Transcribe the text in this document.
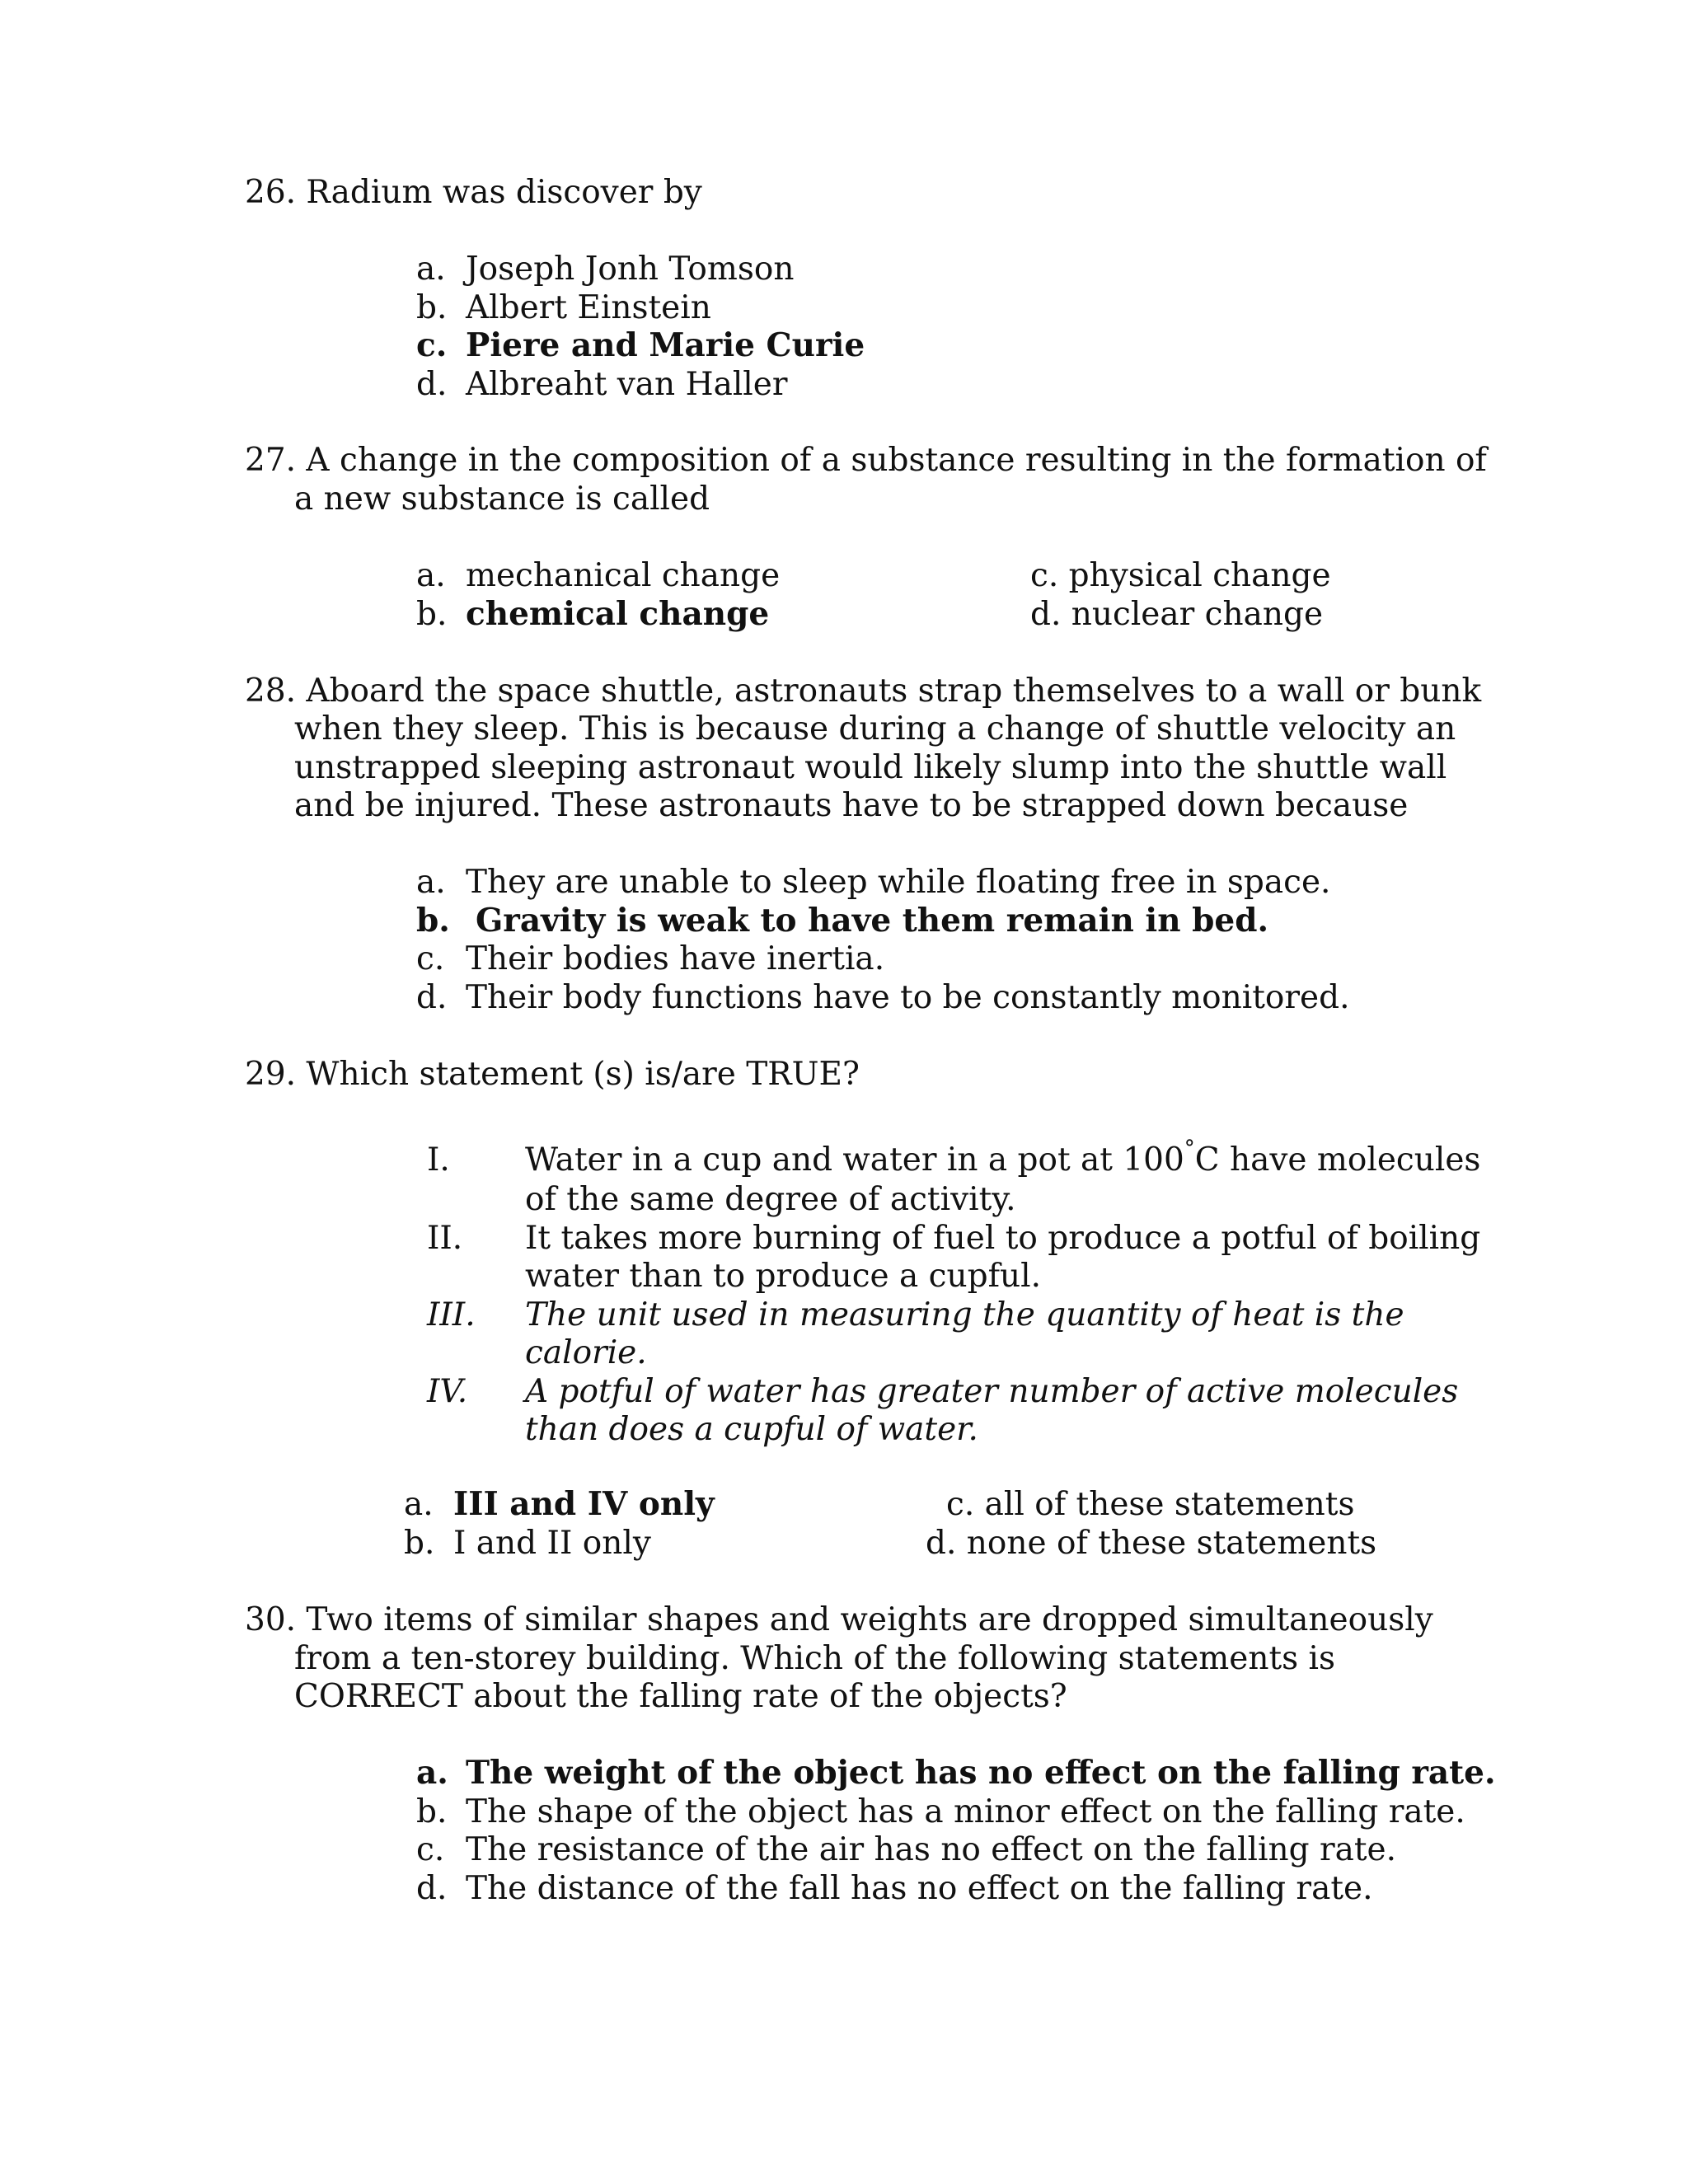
26. Radium was discover by
a. Joseph Jonh Tomson
b. Albert Einstein
c. Piere and Marie Curie
d. Albreaht van Haller
27. A change in the composition of a substance resulting in the formation of
a new substance is called
a. mechanical change
b. chemical change
c. physical change
d. nuclear change
28. Aboard the space shuttle, astronauts strap themselves to a wall or bunk
when they sleep. This is because during a change of shuttle velocity an
unstrapped sleeping astronaut would likely slump into the shuttle wall
and be injured. These astronauts have to be strapped down because
a. They are unable to sleep while floating free in space.
b. Gravity is weak to have them remain in bed.
c. Their bodies have inertia.
d. Their body functions have to be constantly monitored.
29. Which statement (s) is/are TRUE?
I. Water in a cup and water in a pot at 100°C have molecules
of the same degree of activity.
II. It takes more burning of fuel to produce a potful of boiling
water than to produce a cupful.
III. The unit used in measuring the quantity of heat is the
calorie.
IV. A potful of water has greater number of active molecules
than does a cupful of water.
a. III and IV only
b. I and II only
c. all of these statements
d. none of these statements
30. Two items of similar shapes and weights are dropped simultaneously
from a ten-storey building. Which of the following statements is
CORRECT about the falling rate of the objects?
a. The weight of the object has no effect on the falling rate.
b. The shape of the object has a minor effect on the falling rate.
c. The resistance of the air has no effect on the falling rate.
d. The distance of the fall has no effect on the falling rate.
